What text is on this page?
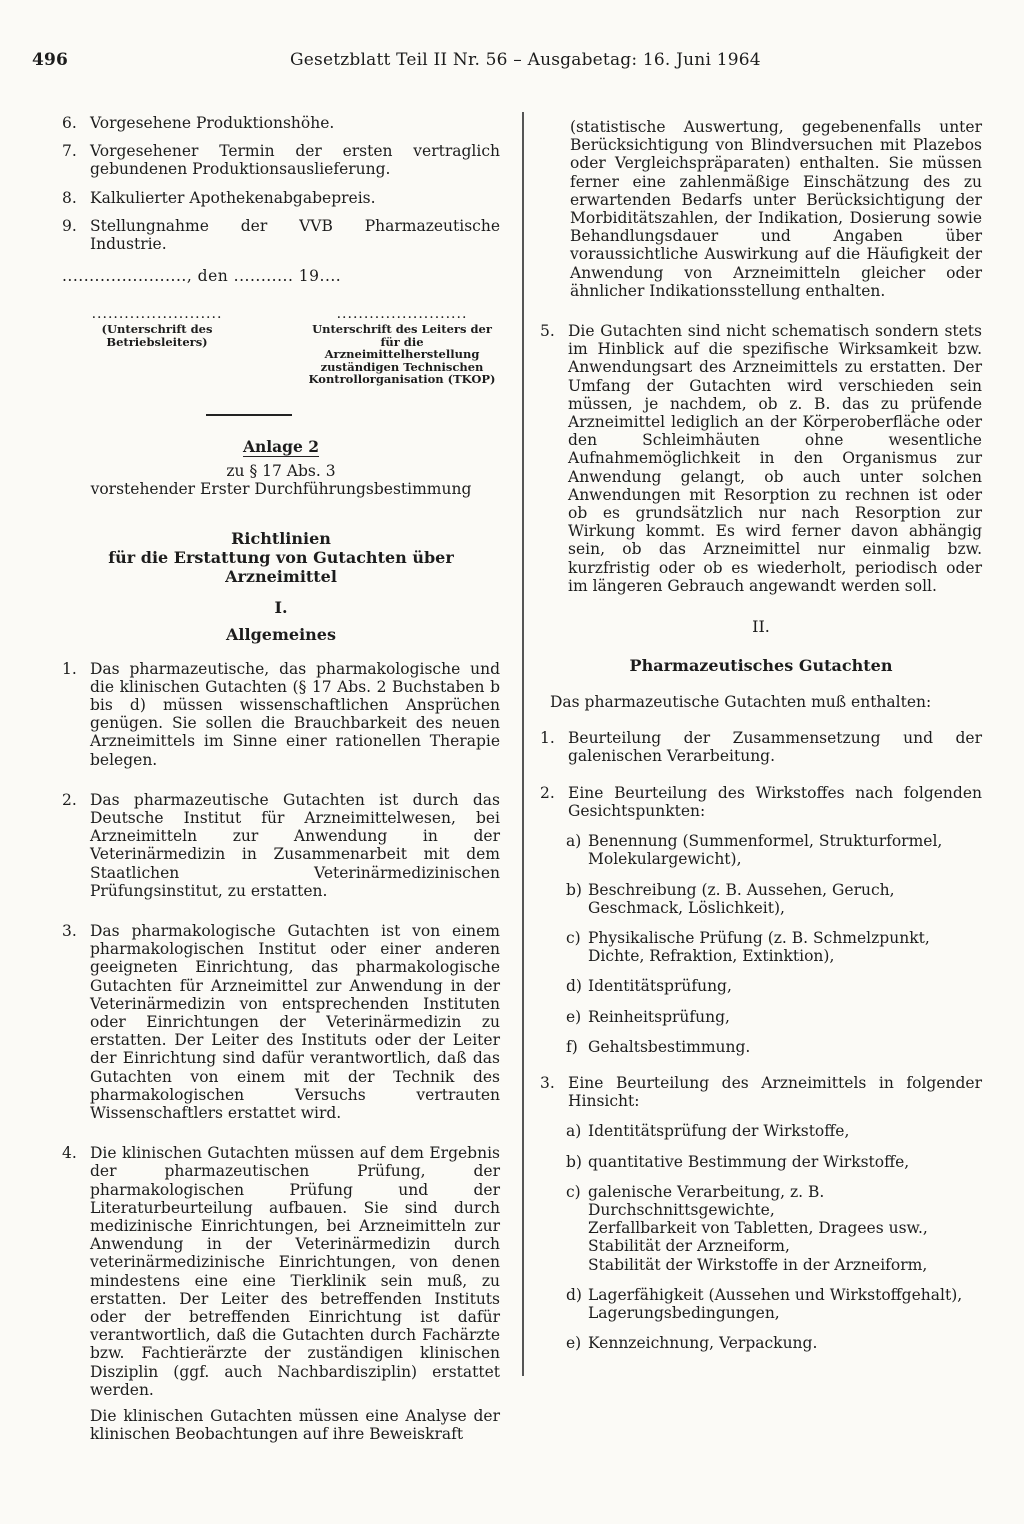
496	Gesetzblatt Teil II Nr. 56 – Ausgabetag: 16. Juni 1964
6. Vorgesehene Produktionshöhe.
7. Vorgesehener Termin der ersten vertraglich gebundenen Produktionsauslieferung.
8. Kalkulierter Apothekenabgabepreis.
9. Stellungnahme der VVB Pharmazeutische Industrie.
......................., den ........... 19....
........................
(Unterschrift des Betriebsleiters)
........................
Unterschrift des Leiters der für die Arzneimittelherstellung zuständigen Technischen Kontrollorganisation (TKOP)
Anlage 2
zu § 17 Abs. 3
vorstehender Erster Durchführungsbestimmung
Richtlinien
für die Erstattung von Gutachten über Arzneimittel
I.
Allgemeines
1. Das pharmazeutische, das pharmakologische und die klinischen Gutachten (§ 17 Abs. 2 Buchstaben b bis d) müssen wissenschaftlichen Ansprüchen genügen. Sie sollen die Brauchbarkeit des neuen Arzneimittels im Sinne einer rationellen Therapie belegen.
2. Das pharmazeutische Gutachten ist durch das Deutsche Institut für Arzneimittelwesen, bei Arzneimitteln zur Anwendung in der Veterinärmedizin in Zusammenarbeit mit dem Staatlichen Veterinärmedizinischen Prüfungsinstitut, zu erstatten.
3. Das pharmakologische Gutachten ist von einem pharmakologischen Institut oder einer anderen geeigneten Einrichtung, das pharmakologische Gutachten für Arzneimittel zur Anwendung in der Veterinärmedizin von entsprechenden Instituten oder Einrichtungen der Veterinärmedizin zu erstatten. Der Leiter des Instituts oder der Leiter der Einrichtung sind dafür verantwortlich, daß das Gutachten von einem mit der Technik des pharmakologischen Versuchs vertrauten Wissenschaftlers erstattet wird.
4. Die klinischen Gutachten müssen auf dem Ergebnis der pharmazeutischen Prüfung, der pharmakologischen Prüfung und der Literaturbeurteilung aufbauen. Sie sind durch medizinische Einrichtungen, bei Arzneimitteln zur Anwendung in der Veterinärmedizin durch veterinärmedizinische Einrichtungen, von denen mindestens eine eine Tierklinik sein muß, zu erstatten. Der Leiter des betreffenden Instituts oder der betreffenden Einrichtung ist dafür verantwortlich, daß die Gutachten durch Fachärzte bzw. Fachtierärzte der zuständigen klinischen Disziplin (ggf. auch Nachbardisziplin) erstattet werden.

Die klinischen Gutachten müssen eine Analyse der klinischen Beobachtungen auf ihre Beweiskraft

(statistische Auswertung, gegebenenfalls unter Berücksichtigung von Blindversuchen mit Plazebos oder Vergleichspräparaten) enthalten. Sie müssen ferner eine zahlenmäßige Einschätzung des zu erwartenden Bedarfs unter Berücksichtigung der Morbiditätszahlen, der Indikation, Dosierung sowie Behandlungsdauer und Angaben über voraussichtliche Auswirkung auf die Häufigkeit der Anwendung von Arzneimitteln gleicher oder ähnlicher Indikationsstellung enthalten.

5. Die Gutachten sind nicht schematisch sondern stets im Hinblick auf die spezifische Wirksamkeit bzw. Anwendungsart des Arzneimittels zu erstatten. Der Umfang der Gutachten wird verschieden sein müssen, je nachdem, ob z. B. das zu prüfende Arzneimittel lediglich an der Körperoberfläche oder den Schleimhäuten ohne wesentliche Aufnahmemöglichkeit in den Organismus zur Anwendung gelangt, ob auch unter solchen Anwendungen mit Resorption zu rechnen ist oder ob es grundsätzlich nur nach Resorption zur Wirkung kommt. Es wird ferner davon abhängig sein, ob das Arzneimittel nur einmalig bzw. kurzfristig oder ob es wiederholt, periodisch oder im längeren Gebrauch angewandt werden soll.
II.
Pharmazeutisches Gutachten

Das pharmazeutische Gutachten muß enthalten:

1. Beurteilung der Zusammensetzung und der galenischen Verarbeitung.
2. Eine Beurteilung des Wirkstoffes nach folgenden Gesichtspunkten:
a) Benennung (Summenformel, Strukturformel, Molekulargewicht),
b) Beschreibung (z. B. Aussehen, Geruch, Geschmack, Löslichkeit),
c) Physikalische Prüfung (z. B. Schmelzpunkt, Dichte, Refraktion, Extinktion),
d) Identitätsprüfung,
e) Reinheitsprüfung,
f) Gehaltsbestimmung.
3. Eine Beurteilung des Arzneimittels in folgender Hinsicht:
a) Identitätsprüfung der Wirkstoffe,
b) quantitative Bestimmung der Wirkstoffe,
c) galenische Verarbeitung, z. B.
Durchschnittsgewichte,
Zerfallbarkeit von Tabletten, Dragees usw.,
Stabilität der Arzneiform,
Stabilität der Wirkstoffe in der Arzneiform,
d) Lagerfähigkeit (Aussehen und Wirkstoffgehalt), Lagerungsbedingungen,
e) Kennzeichnung, Verpackung.
